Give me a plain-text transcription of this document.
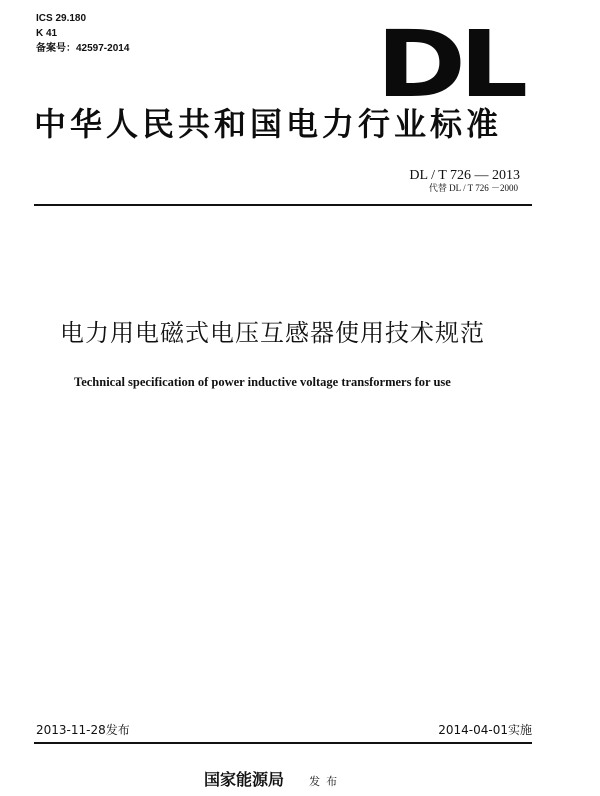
ICS 29.180
K 41
备案号：42597-2014	DL
中华人民共和国电力行业标准
DL / T 726 — 2013
代替 DL / T 726 －2000
电力用电磁式电压互感器使用技术规范
Technical specification of power inductive voltage transformers for use
2013-11-28发布	2014-04-01实施
国家能源局 发布
